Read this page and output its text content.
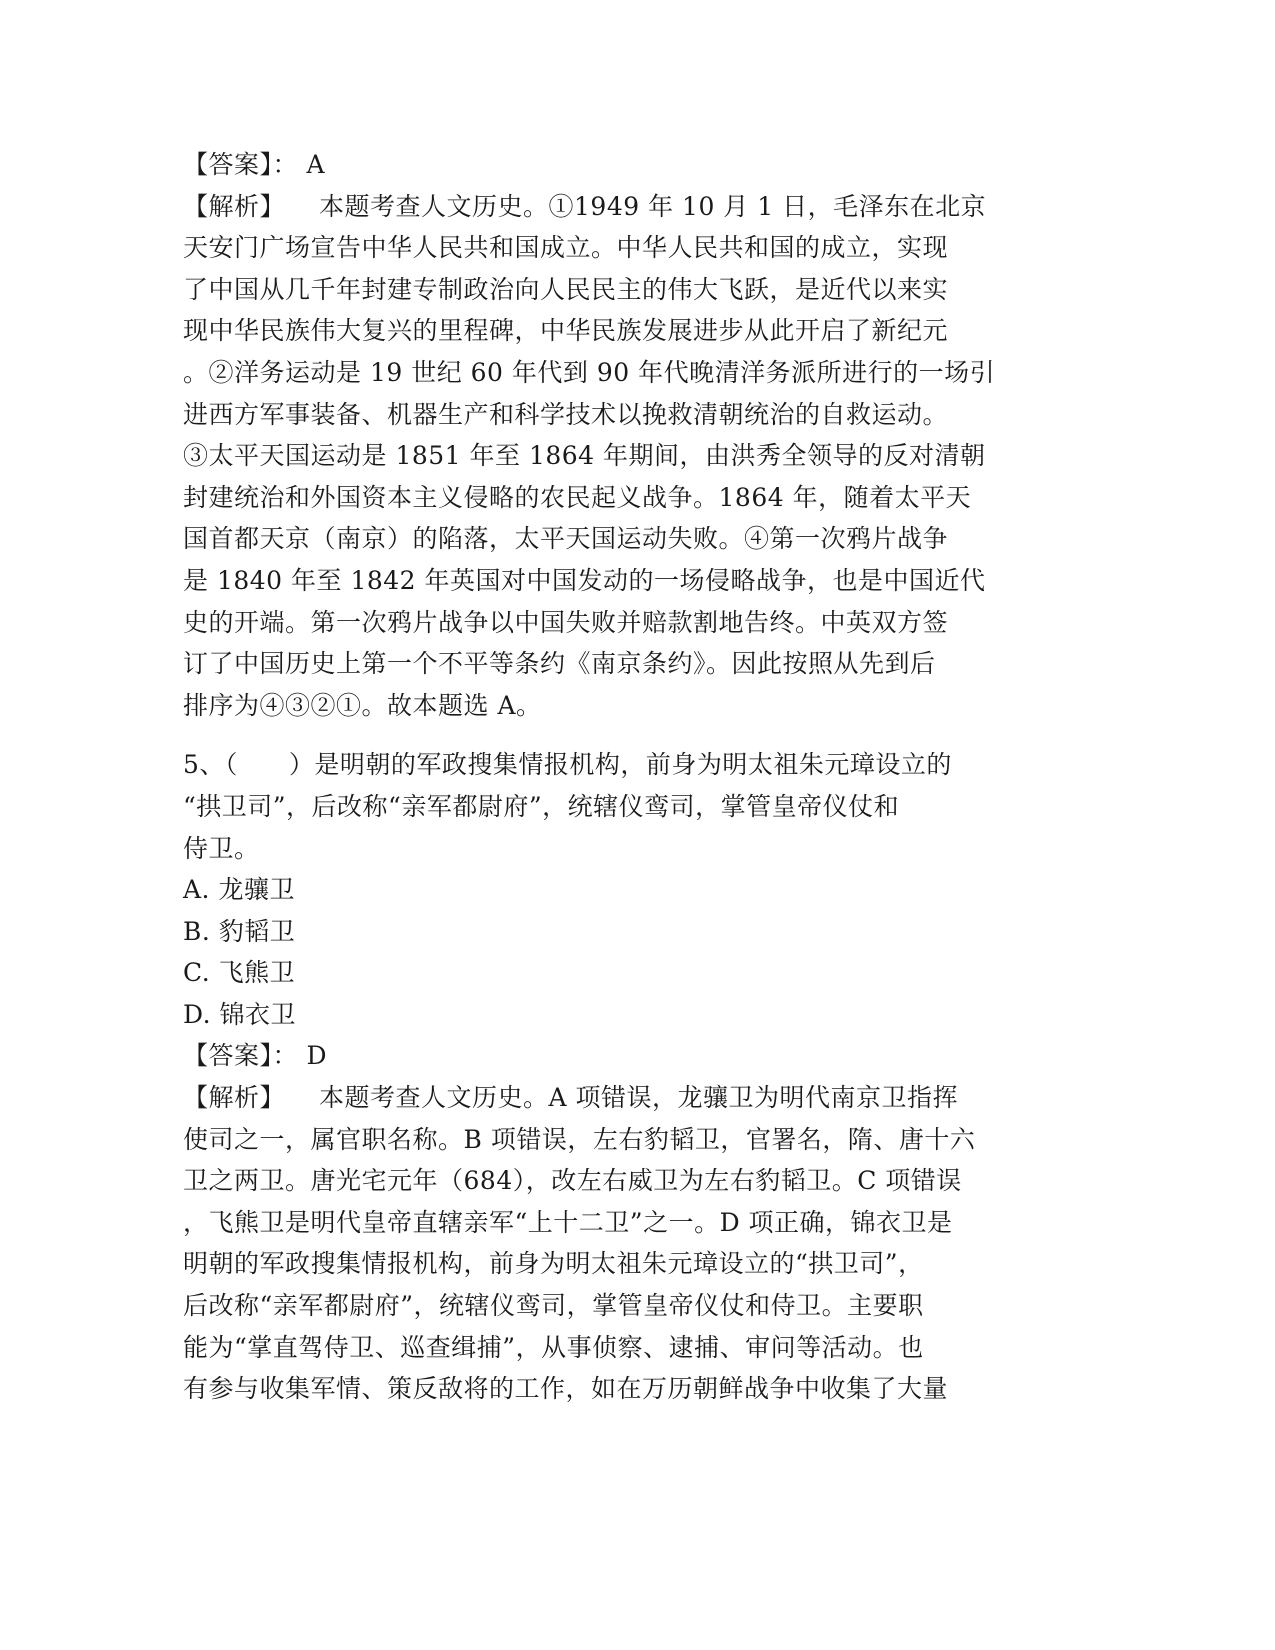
【答案】： A
【解析】 本题考查人文历史。①1949 年 10 月 1 日，毛泽东在北京
天安门广场宣告中华人民共和国成立。中华人民共和国的成立，实现
了中国从几千年封建专制政治向人民民主的伟大飞跃，是近代以来实
现中华民族伟大复兴的里程碑，中华民族发展进步从此开启了新纪元
。②洋务运动是 19 世纪 60 年代到 90 年代晚清洋务派所进行的一场引
进西方军事装备、机器生产和科学技术以挽救清朝统治的自救运动。
③太平天国运动是 1851 年至 1864 年期间，由洪秀全领导的反对清朝
封建统治和外国资本主义侵略的农民起义战争。1864 年，随着太平天
国首都天京（南京）的陷落，太平天国运动失败。④第一次鸦片战争
是 1840 年至 1842 年英国对中国发动的一场侵略战争，也是中国近代
史的开端。第一次鸦片战争以中国失败并赔款割地告终。中英双方签
订了中国历史上第一个不平等条约《南京条约》。因此按照从先到后
排序为④③②①。故本题选 A。
5、（　　）是明朝的军政搜集情报机构，前身为明太祖朱元璋设立的
“拱卫司”，后改称“亲军都尉府”，统辖仪鸾司，掌管皇帝仪仗和
侍卫。
A. 龙骧卫
B. 豹韬卫
C. 飞熊卫
D. 锦衣卫
【答案】： D
【解析】 本题考查人文历史。A 项错误，龙骧卫为明代南京卫指挥
使司之一，属官职名称。B 项错误，左右豹韬卫，官署名，隋、唐十六
卫之两卫。唐光宅元年（684），改左右威卫为左右豹韬卫。C 项错误
，飞熊卫是明代皇帝直辖亲军“上十二卫”之一。D 项正确，锦衣卫是
明朝的军政搜集情报机构，前身为明太祖朱元璋设立的“拱卫司”，
后改称“亲军都尉府”，统辖仪鸾司，掌管皇帝仪仗和侍卫。主要职
能为“掌直驾侍卫、巡查缉捕”，从事侦察、逮捕、审问等活动。也
有参与收集军情、策反敌将的工作，如在万历朝鲜战争中收集了大量
